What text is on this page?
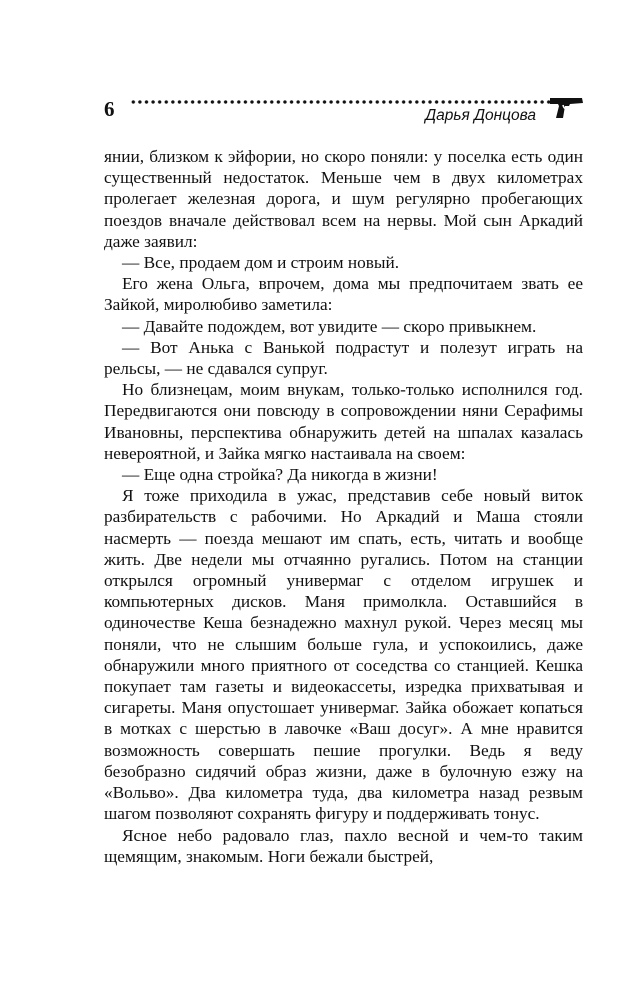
6	Дарья Донцова

янии, близком к эйфории, но скоро поняли: у поселка есть один существенный недостаток. Меньше чем в двух километрах пролегает железная дорога, и шум регулярно пробегающих поездов вначале действовал всем на нервы. Мой сын Аркадий даже заявил:

— Все, продаем дом и строим новый.

Его жена Ольга, впрочем, дома мы предпочитаем звать ее Зайкой, миролюбиво заметила:

— Давайте подождем, вот увидите — скоро привыкнем.

— Вот Анька с Ванькой подрастут и полезут играть на рельсы, — не сдавался супруг.

Но близнецам, моим внукам, только-только исполнился год. Передвигаются они повсюду в сопровождении няни Серафимы Ивановны, перспектива обнаружить детей на шпалах казалась невероятной, и Зайка мягко настаивала на своем:

— Еще одна стройка? Да никогда в жизни!

Я тоже приходила в ужас, представив себе новый виток разбирательств с рабочими. Но Аркадий и Маша стояли насмерть — поезда мешают им спать, есть, читать и вообще жить. Две недели мы отчаянно ругались. Потом на станции открылся огромный универмаг с отделом игрушек и компьютерных дисков. Маня примолкла. Оставшийся в одиночестве Кеша безнадежно махнул рукой. Через месяц мы поняли, что не слышим больше гула, и успокоились, даже обнаружили много приятного от соседства со станцией. Кешка покупает там газеты и видеокассеты, изредка прихватывая и сигареты. Маня опустошает универмаг. Зайка обожает копаться в мотках с шерстью в лавочке «Ваш досуг». А мне нравится возможность совершать пешие прогулки. Ведь я веду безобразно сидячий образ жизни, даже в булочную езжу на «Вольво». Два километра туда, два километра назад резвым шагом позволяют сохранять фигуру и поддерживать тонус.

Ясное небо радовало глаз, пахло весной и чем-то таким щемящим, знакомым. Ноги бежали быстрей,
